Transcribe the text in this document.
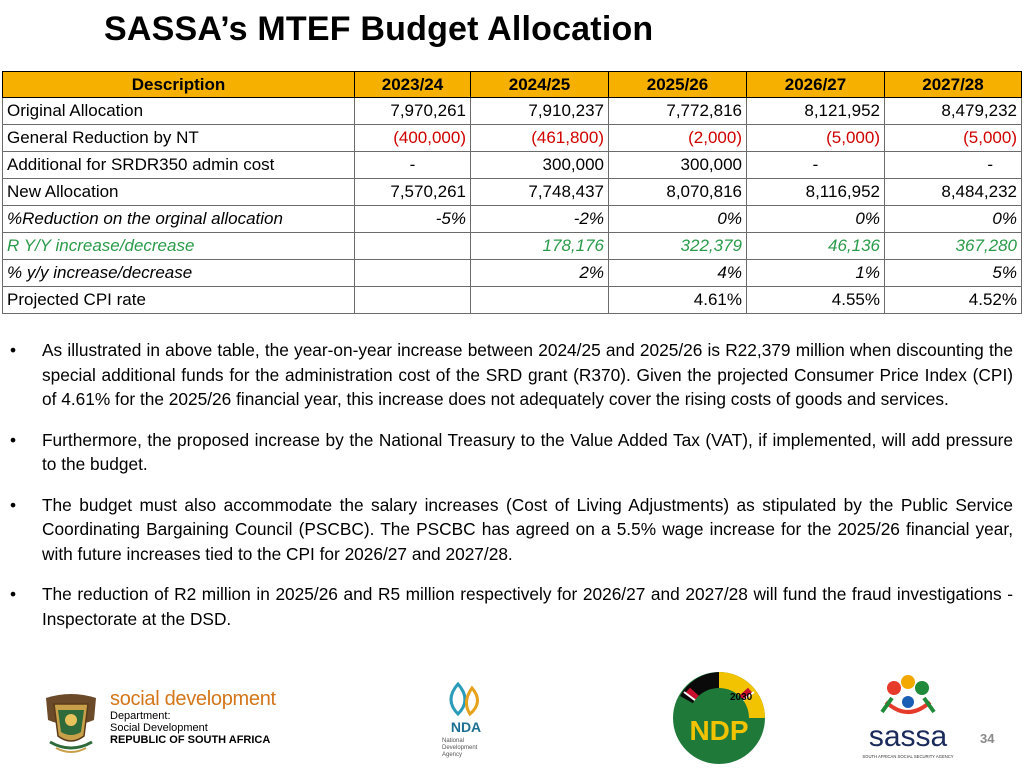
SASSA’s MTEF Budget Allocation
Description	2023/24	2024/25	2025/26	2026/27	2027/28
Original Allocation	7,970,261	7,910,237	7,772,816	8,121,952	8,479,232
General Reduction by NT	(400,000)	(461,800)	(2,000)	(5,000)	(5,000)
Additional for SRDR350 admin cost	-	300,000	300,000	-	-
New Allocation	7,570,261	7,748,437	8,070,816	8,116,952	8,484,232
%Reduction on the orginal allocation	-5%	-2%	0%	0%	0%
R Y/Y increase/decrease		178,176	322,379	46,136	367,280
% y/y increase/decrease		2%	4%	1%	5%
Projected CPI rate			4.61%	4.55%	4.52%
• As illustrated in above table, the year-on-year increase between 2024/25 and 2025/26 is R22,379 million when discounting the special additional funds for the administration cost of the SRD grant (R370). Given the projected Consumer Price Index (CPI) of 4.61% for the 2025/26 financial year, this increase does not adequately cover the rising costs of goods and services.
• Furthermore, the proposed increase by the National Treasury to the Value Added Tax (VAT), if implemented, will add pressure to the budget.
• The budget must also accommodate the salary increases (Cost of Living Adjustments) as stipulated by the Public Service Coordinating Bargaining Council (PSCBC). The PSCBC has agreed on a 5.5% wage increase for the 2025/26 financial year, with future increases tied to the CPI for 2026/27 and 2027/28.
• The reduction of R2 million in 2025/26 and R5 million respectively for 2026/27 and 2027/28 will fund the fraud investigations -Inspectorate at the DSD.
social development
Department:
Social Development
REPUBLIC OF SOUTH AFRICA
NDA
National
Development
Agency
2030
NDP	sassa
SOUTH AFRICAN SOCIAL SECURITY AGENCY
34
